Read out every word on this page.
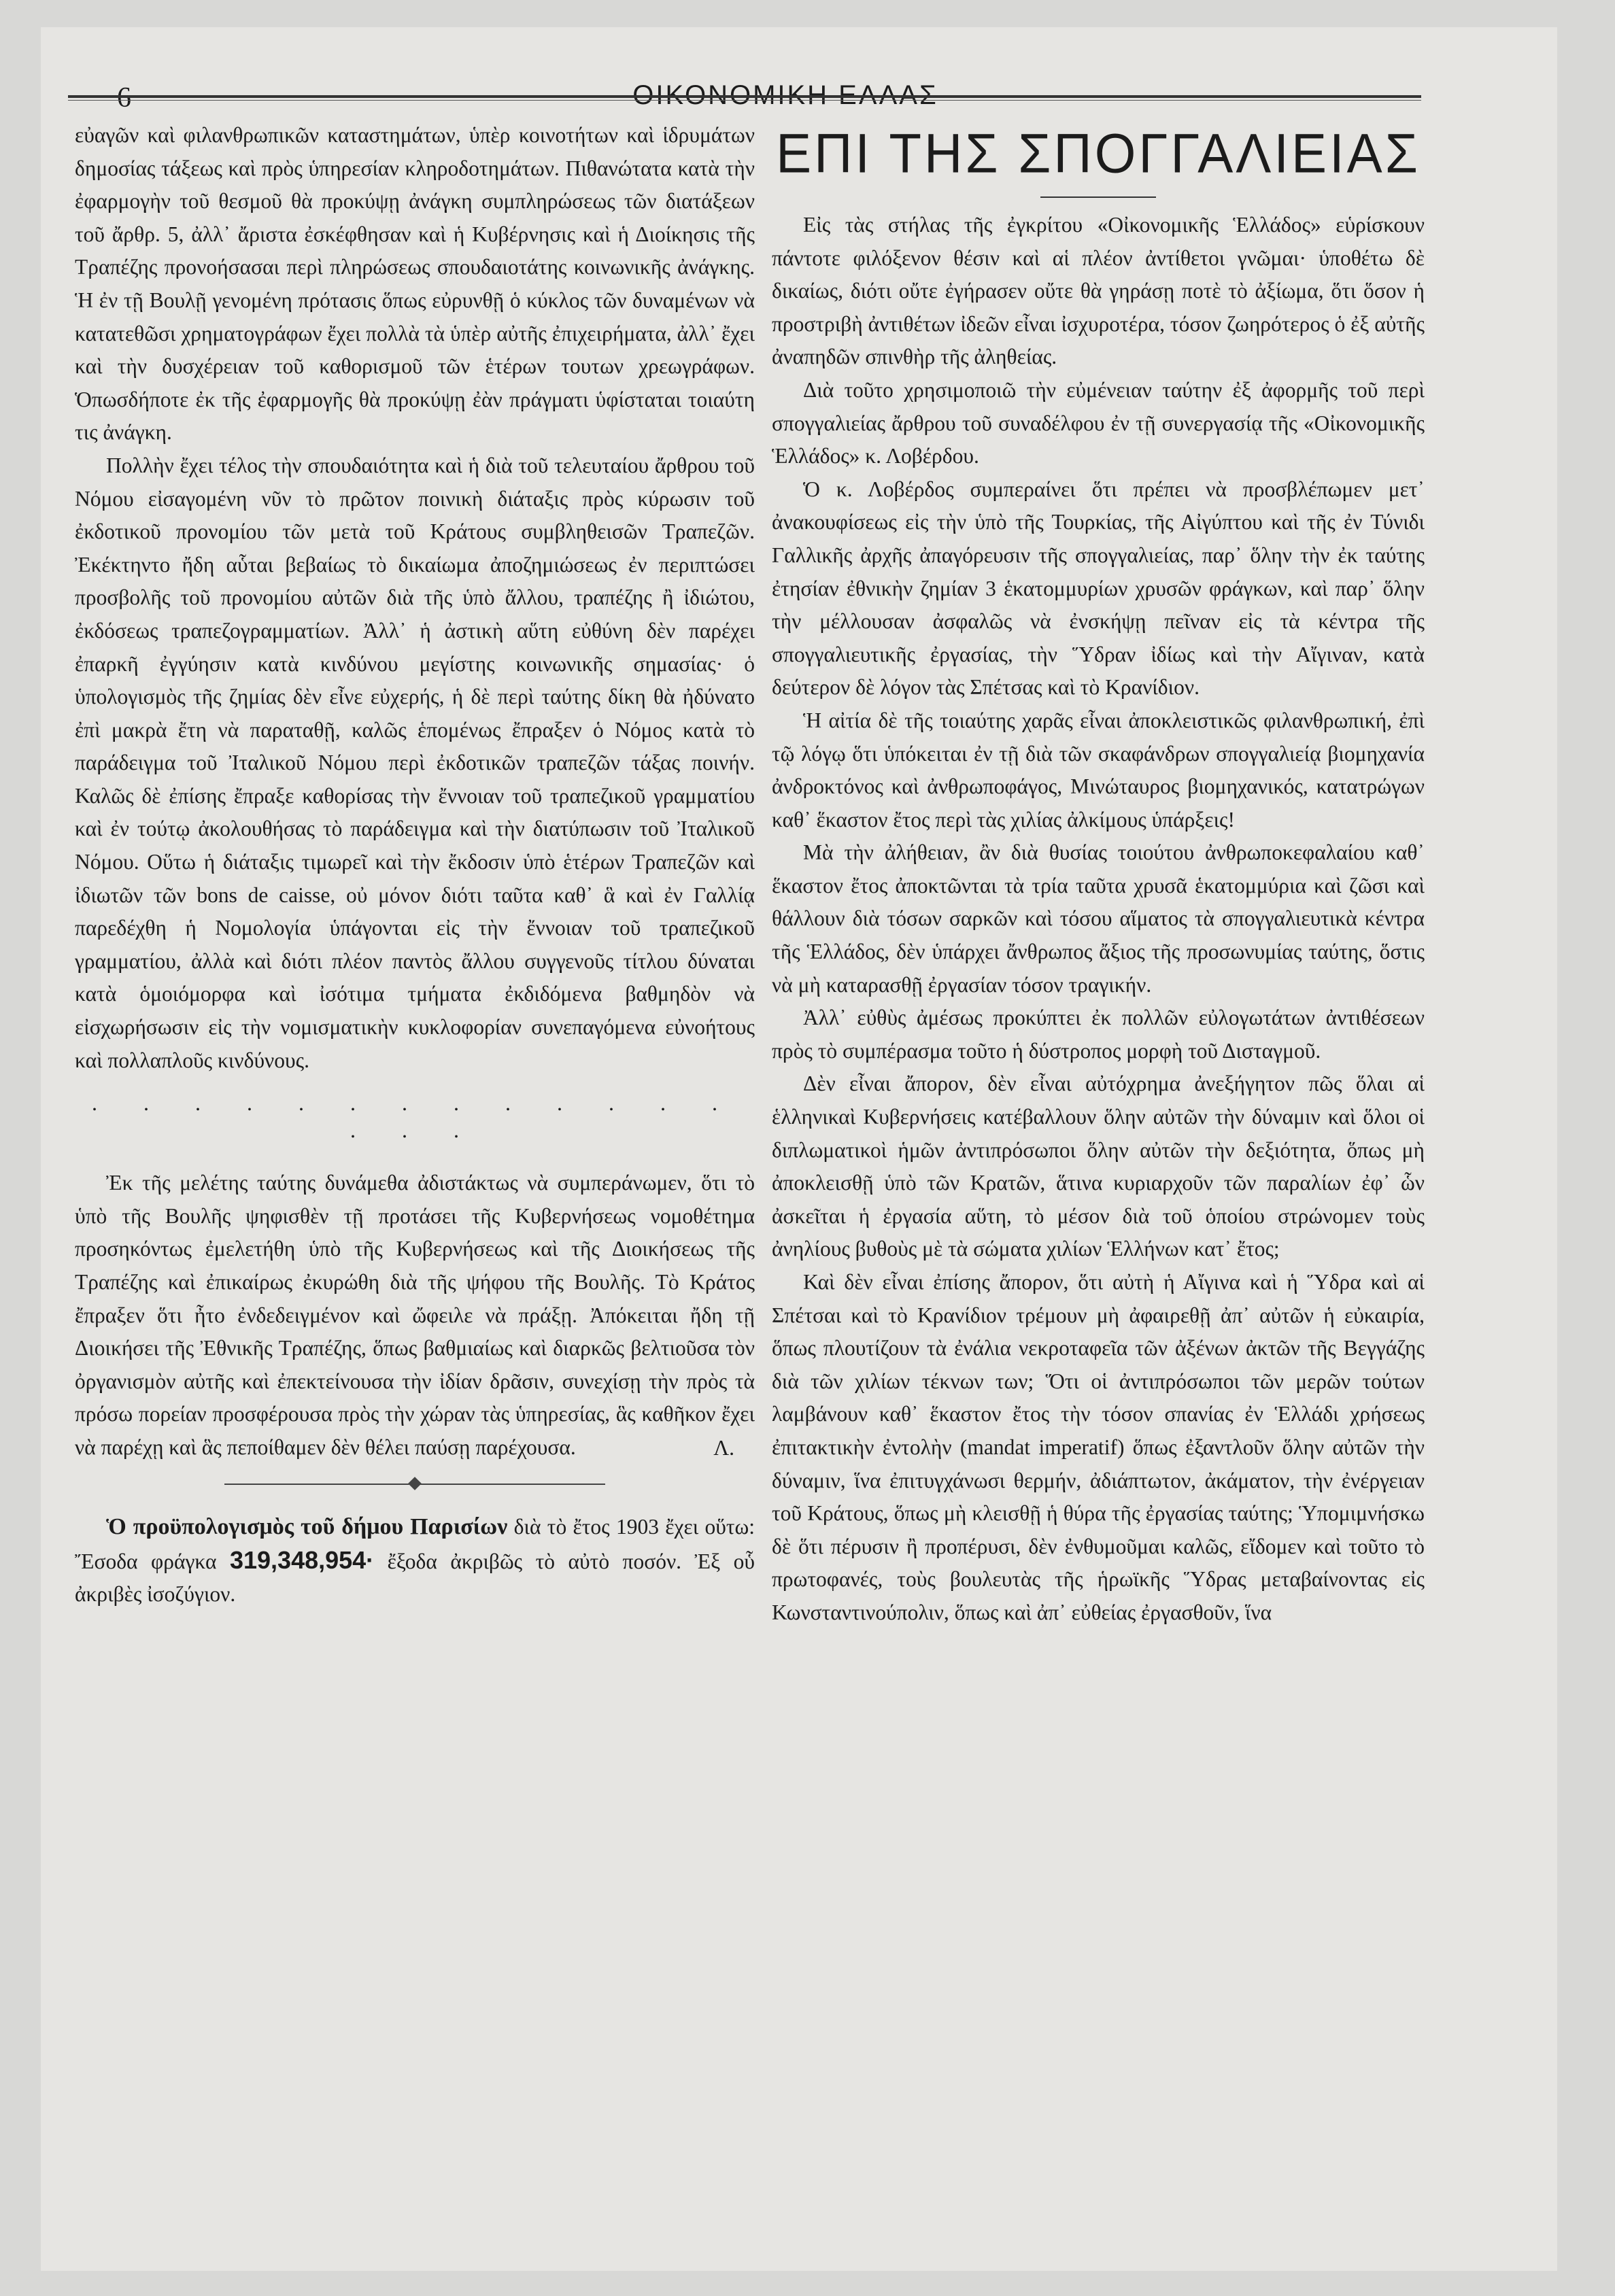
6	ΟΙΚΟΝΟΜΙΚΗ ΕΛΛΑΣ

εὐαγῶν καὶ φιλανθρωπικῶν καταστημάτων, ὑπὲρ κοινοτήτων καὶ ἱδρυμάτων δημοσίας τάξεως καὶ πρὸς ὑπηρεσίαν κληροδοτημάτων. Πιθανώτατα κατὰ τὴν ἐφαρμογὴν τοῦ θεσμοῦ θὰ προκύψῃ ἀνάγκη συμπληρώσεως τῶν διατάξεων τοῦ ἄρθρ. 5, ἀλλ᾽ ἄριστα ἐσκέφθησαν καὶ ἡ Κυβέρνησις καὶ ἡ Διοίκησις τῆς Τραπέζης προνοήσασαι περὶ πληρώσεως σπουδαιοτάτης κοινωνικῆς ἀνάγκης. Ἡ ἐν τῇ Βουλῇ γενομένη πρότασις ὅπως εὐρυνθῇ ὁ κύκλος τῶν δυναμένων νὰ κατατεθῶσι χρηματογράφων ἔχει πολλὰ τὰ ὑπὲρ αὐτῆς ἐπιχειρήματα, ἀλλ᾽ ἔχει καὶ τὴν δυσχέρειαν τοῦ καθορισμοῦ τῶν ἑτέρων τουτων χρεωγράφων. Ὁπωσδήποτε ἐκ τῆς ἐφαρμογῆς θὰ προκύψῃ ἐὰν πράγματι ὑφίσταται τοιαύτη τις ἀνάγκη.

Πολλὴν ἔχει τέλος τὴν σπουδαιότητα καὶ ἡ διὰ τοῦ τελευταίου ἄρθρου τοῦ Νόμου εἰσαγομένη νῦν τὸ πρῶτον ποινικὴ διάταξις πρὸς κύρωσιν τοῦ ἐκδοτικοῦ προνομίου τῶν μετὰ τοῦ Κράτους συμβληθεισῶν Τραπεζῶν. Ἐκέκτηντο ἤδη αὗται βεβαίως τὸ δικαίωμα ἀποζημιώσεως ἐν περιπτώσει προσβολῆς τοῦ προνομίου αὐτῶν διὰ τῆς ὑπὸ ἄλλου, τραπέζης ἢ ἰδιώτου, ἐκδόσεως τραπεζογραμματίων. Ἀλλ᾽ ἡ ἀστικὴ αὕτη εὐθύνη δὲν παρέχει ἐπαρκῆ ἐγγύησιν κατὰ κινδύνου μεγίστης κοινωνικῆς σημασίας· ὁ ὑπολογισμὸς τῆς ζημίας δὲν εἶνε εὐχερής, ἡ δὲ περὶ ταύτης δίκη θὰ ἠδύνατο ἐπὶ μακρὰ ἔτη νὰ παραταθῇ, καλῶς ἑπομένως ἔπραξεν ὁ Νόμος κατὰ τὸ παράδειγμα τοῦ Ἰταλικοῦ Νόμου περὶ ἐκδοτικῶν τραπεζῶν τάξας ποινήν. Καλῶς δὲ ἐπίσης ἔπραξε καθορίσας τὴν ἔννοιαν τοῦ τραπεζικοῦ γραμματίου καὶ ἐν τούτῳ ἀκολουθήσας τὸ παράδειγμα καὶ τὴν διατύπωσιν τοῦ Ἰταλικοῦ Νόμου. Οὕτω ἡ διάταξις τιμωρεῖ καὶ τὴν ἔκδοσιν ὑπὸ ἑτέρων Τραπεζῶν καὶ ἰδιωτῶν τῶν bons de caisse, οὐ μόνον διότι ταῦτα καθ᾽ ἃ καὶ ἐν Γαλλίᾳ παρεδέχθη ἡ Νομολογία ὑπάγονται εἰς τὴν ἔννοιαν τοῦ τραπεζικοῦ γραμματίου, ἀλλὰ καὶ διότι πλέον παντὸς ἄλλου συγγενοῦς τίτλου δύναται κατὰ ὁμοιόμορφα καὶ ἰσότιμα τμήματα ἐκδιδόμενα βαθμηδὸν νὰ εἰσχωρήσωσιν εἰς τὴν νομισματικὴν κυκλοφορίαν συνεπαγόμενα εὐνοήτους καὶ πολλαπλοῦς κινδύνους.

. . . . . . . . . . . . . . . .

Ἐκ τῆς μελέτης ταύτης δυνάμεθα ἀδιστάκτως νὰ συμπεράνωμεν, ὅτι τὸ ὑπὸ τῆς Βουλῆς ψηφισθὲν τῇ προτάσει τῆς Κυβερνήσεως νομοθέτημα προσηκόντως ἐμελετήθη ὑπὸ τῆς Κυβερνήσεως καὶ τῆς Διοικήσεως τῆς Τραπέζης καὶ ἐπικαίρως ἐκυρώθη διὰ τῆς ψήφου τῆς Βουλῆς. Τὸ Κράτος ἔπραξεν ὅτι ἦτο ἐνδεδειγμένον καὶ ὤφειλε νὰ πράξῃ. Ἀπόκειται ἤδη τῇ Διοικήσει τῆς Ἐθνικῆς Τραπέζης, ὅπως βαθμιαίως καὶ διαρκῶς βελτιοῦσα τὸν ὀργανισμὸν αὐτῆς καὶ ἐπεκτείνουσα τὴν ἰδίαν δρᾶσιν, συνεχίσῃ τὴν πρὸς τὰ πρόσω πορείαν προσφέρουσα πρὸς τὴν χώραν τὰς ὑπηρεσίας, ἃς καθῆκον ἔχει νὰ παρέχῃ καὶ ἃς πεποίθαμεν δὲν θέλει παύσῃ παρέχουσα.	Λ.

Ὁ προϋπολογισμὸς τοῦ δήμου Παρισίων διὰ τὸ ἔτος 1903 ἔχει οὕτω: Ἔσοδα φράγκα 319,348,954· ἔξοδα ἀκριβῶς τὸ αὐτὸ ποσόν. Ἐξ οὗ ἀκριβὲς ἰσοζύγιον.

ΕΠΙ ΤΗΣ ΣΠΟΓΓΑΛΙΕΙΑΣ

Εἰς τὰς στήλας τῆς ἐγκρίτου «Οἰκονομικῆς Ἑλλάδος» εὑρίσκουν πάντοτε φιλόξενον θέσιν καὶ αἱ πλέον ἀντίθετοι γνῶμαι· ὑποθέτω δὲ δικαίως, διότι οὔτε ἐγήρασεν οὔτε θὰ γηράσῃ ποτὲ τὸ ἀξίωμα, ὅτι ὅσον ἡ προστριβὴ ἀντιθέτων ἰδεῶν εἶναι ἰσχυροτέρα, τόσον ζωηρότερος ὁ ἐξ αὐτῆς ἀναπηδῶν σπινθὴρ τῆς ἀληθείας.

Διὰ τοῦτο χρησιμοποιῶ τὴν εὐμένειαν ταύτην ἐξ ἀφορμῆς τοῦ περὶ σπογγαλιείας ἄρθρου τοῦ συναδέλφου ἐν τῇ συνεργασίᾳ τῆς «Οἰκονομικῆς Ἑλλάδος» κ. Λοβέρδου.

Ὁ κ. Λοβέρδος συμπεραίνει ὅτι πρέπει νὰ προσβλέπωμεν μετ᾽ ἀνακουφίσεως εἰς τὴν ὑπὸ τῆς Τουρκίας, τῆς Αἰγύπτου καὶ τῆς ἐν Τύνιδι Γαλλικῆς ἀρχῆς ἀπαγόρευσιν τῆς σπογγαλιείας, παρ᾽ ὅλην τὴν ἐκ ταύτης ἐτησίαν ἐθνικὴν ζημίαν 3 ἑκατομμυρίων χρυσῶν φράγκων, καὶ παρ᾽ ὅλην τὴν μέλλουσαν ἀσφαλῶς νὰ ἐνσκήψῃ πεῖναν εἰς τὰ κέντρα τῆς σπογγαλιευτικῆς ἐργασίας, τὴν Ὕδραν ἰδίως καὶ τὴν Αἴγιναν, κατὰ δεύτερον δὲ λόγον τὰς Σπέτσας καὶ τὸ Κρανίδιον.

Ἡ αἰτία δὲ τῆς τοιαύτης χαρᾶς εἶναι ἀποκλειστικῶς φιλανθρωπική, ἐπὶ τῷ λόγῳ ὅτι ὑπόκειται ἐν τῇ διὰ τῶν σκαφάνδρων σπογγαλιείᾳ βιομηχανία ἀνδροκτόνος καὶ ἀνθρωποφάγος, Μινώταυρος βιομηχανικός, κατατρώγων καθ᾽ ἕκαστον ἔτος περὶ τὰς χιλίας ἀλκίμους ὑπάρξεις!

Μὰ τὴν ἀλήθειαν, ἂν διὰ θυσίας τοιούτου ἀνθρωποκεφαλαίου καθ᾽ ἕκαστον ἔτος ἀποκτῶνται τὰ τρία ταῦτα χρυσᾶ ἑκατομμύρια καὶ ζῶσι καὶ θάλλουν διὰ τόσων σαρκῶν καὶ τόσου αἵματος τὰ σπογγαλιευτικὰ κέντρα τῆς Ἑλλάδος, δὲν ὑπάρχει ἄνθρωπος ἄξιος τῆς προσωνυμίας ταύτης, ὅστις νὰ μὴ καταρασθῇ ἐργασίαν τόσον τραγικήν.

Ἀλλ᾽ εὐθὺς ἀμέσως προκύπτει ἐκ πολλῶν εὐλογωτάτων ἀντιθέσεων πρὸς τὸ συμπέρασμα τοῦτο ἡ δύστροπος μορφὴ τοῦ Δισταγμοῦ.

Δὲν εἶναι ἄπορον, δὲν εἶναι αὐτόχρημα ἀνεξήγητον πῶς ὅλαι αἱ ἑλληνικαὶ Κυβερνήσεις κατέβαλλουν ὅλην αὐτῶν τὴν δύναμιν καὶ ὅλοι οἱ διπλωματικοὶ ἡμῶν ἀντιπρόσωποι ὅλην αὐτῶν τὴν δεξιότητα, ὅπως μὴ ἀποκλεισθῇ ὑπὸ τῶν Κρατῶν, ἅτινα κυριαρχοῦν τῶν παραλίων ἐφ᾽ ὧν ἀσκεῖται ἡ ἐργασία αὕτη, τὸ μέσον διὰ τοῦ ὁποίου στρώνομεν τοὺς ἀνηλίους βυθοὺς μὲ τὰ σώματα χιλίων Ἑλλήνων κατ᾽ ἔτος;

Καὶ δὲν εἶναι ἐπίσης ἄπορον, ὅτι αὐτὴ ἡ Αἴγινα καὶ ἡ Ὕδρα καὶ αἱ Σπέτσαι καὶ τὸ Κρανίδιον τρέμουν μὴ ἀφαιρεθῇ ἀπ᾽ αὐτῶν ἡ εὐκαιρία, ὅπως πλουτίζουν τὰ ἐνάλια νεκροταφεῖα τῶν ἀξένων ἀκτῶν τῆς Βεγγάζης διὰ τῶν χιλίων τέκνων των; Ὅτι οἱ ἀντιπρόσωποι τῶν μερῶν τούτων λαμβάνουν καθ᾽ ἕκαστον ἔτος τὴν τόσον σπανίας ἐν Ἑλλάδι χρήσεως ἐπιτακτικὴν ἐντολὴν (mandat imperatif) ὅπως ἐξαντλοῦν ὅλην αὐτῶν τὴν δύναμιν, ἵνα ἐπιτυγχάνωσι θερμήν, ἀδιάπτωτον, ἀκάματον, τὴν ἐνέργειαν τοῦ Κράτους, ὅπως μὴ κλεισθῇ ἡ θύρα τῆς ἐργασίας ταύτης; Ὑπομιμνήσκω δὲ ὅτι πέρυσιν ἢ προπέρυσι, δὲν ἐνθυμοῦμαι καλῶς, εἴδομεν καὶ τοῦτο τὸ πρωτοφανές, τοὺς βουλευτὰς τῆς ἡρωϊκῆς Ὕδρας μεταβαίνοντας εἰς Κωνσταντινούπολιν, ὅπως καὶ ἀπ᾽ εὐθείας ἐργασθοῦν, ἵνα
